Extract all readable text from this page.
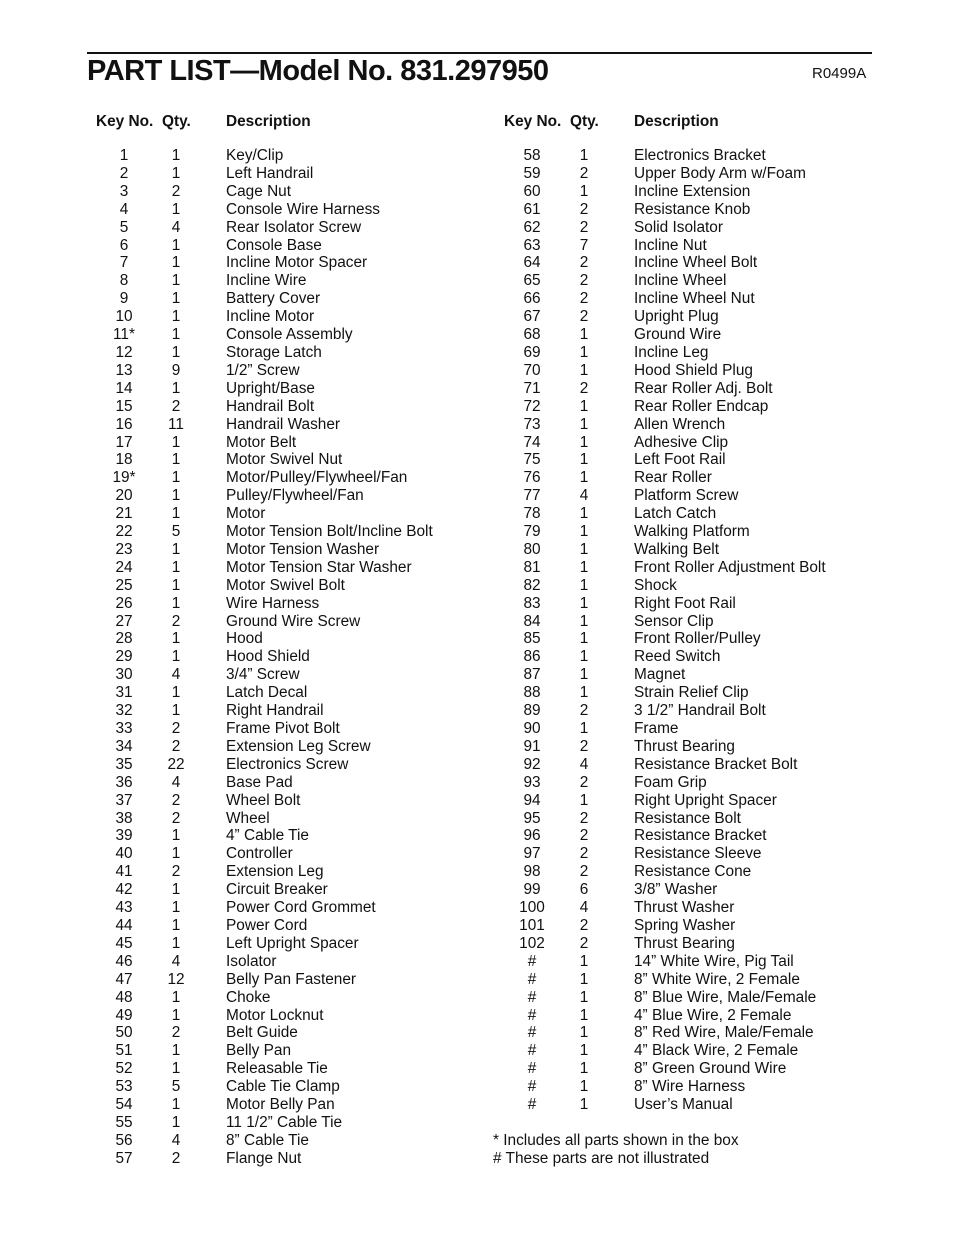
PART LIST—Model No. 831.297950	R0499A
Key No. Qty. Description	Key No. Qty. Description
1	1	Key/Clip
2	1	Left Handrail
3	2	Cage Nut
4	1	Console Wire Harness
5	4	Rear Isolator Screw
6	1	Console Base
7	1	Incline Motor Spacer
8	1	Incline Wire
9	1	Battery Cover
10	1	Incline Motor
11*	1	Console Assembly
12	1	Storage Latch
13	9	1/2” Screw
14	1	Upright/Base
15	2	Handrail Bolt
16	11	Handrail Washer
17	1	Motor Belt
18	1	Motor Swivel Nut
19*	1	Motor/Pulley/Flywheel/Fan
20	1	Pulley/Flywheel/Fan
21	1	Motor
22	5	Motor Tension Bolt/Incline Bolt
23	1	Motor Tension Washer
24	1	Motor Tension Star Washer
25	1	Motor Swivel Bolt
26	1	Wire Harness
27	2	Ground Wire Screw
28	1	Hood
29	1	Hood Shield
30	4	3/4” Screw
31	1	Latch Decal
32	1	Right Handrail
33	2	Frame Pivot Bolt
34	2	Extension Leg Screw
35	22	Electronics Screw
36	4	Base Pad
37	2	Wheel Bolt
38	2	Wheel
39	1	4” Cable Tie
40	1	Controller
41	2	Extension Leg
42	1	Circuit Breaker
43	1	Power Cord Grommet
44	1	Power Cord
45	1	Left Upright Spacer
46	4	Isolator
47	12	Belly Pan Fastener
48	1	Choke
49	1	Motor Locknut
50	2	Belt Guide
51	1	Belly Pan
52	1	Releasable Tie
53	5	Cable Tie Clamp
54	1	Motor Belly Pan
55	1	11 1/2” Cable Tie
56	4	8” Cable Tie
57	2	Flange Nut
58	1	Electronics Bracket
59	2	Upper Body Arm w/Foam
60	1	Incline Extension
61	2	Resistance Knob
62	2	Solid Isolator
63	7	Incline Nut
64	2	Incline Wheel Bolt
65	2	Incline Wheel
66	2	Incline Wheel Nut
67	2	Upright Plug
68	1	Ground Wire
69	1	Incline Leg
70	1	Hood Shield Plug
71	2	Rear Roller Adj. Bolt
72	1	Rear Roller Endcap
73	1	Allen Wrench
74	1	Adhesive Clip
75	1	Left Foot Rail
76	1	Rear Roller
77	4	Platform Screw
78	1	Latch Catch
79	1	Walking Platform
80	1	Walking Belt
81	1	Front Roller Adjustment Bolt
82	1	Shock
83	1	Right Foot Rail
84	1	Sensor Clip
85	1	Front Roller/Pulley
86	1	Reed Switch
87	1	Magnet
88	1	Strain Relief Clip
89	2	3 1/2” Handrail Bolt
90	1	Frame
91	2	Thrust Bearing
92	4	Resistance Bracket Bolt
93	2	Foam Grip
94	1	Right Upright Spacer
95	2	Resistance Bolt
96	2	Resistance Bracket
97	2	Resistance Sleeve
98	2	Resistance Cone
99	6	3/8” Washer
100	4	Thrust Washer
101	2	Spring Washer
102	2	Thrust Bearing
#	1	14” White Wire, Pig Tail
#	1	8” White Wire, 2 Female
#	1	8” Blue Wire, Male/Female
#	1	4” Blue Wire, 2 Female
#	1	8” Red Wire, Male/Female
#	1	4” Black Wire, 2 Female
#	1	8” Green Ground Wire
#	1	8” Wire Harness
#	1	User’s Manual
* Includes all parts shown in the box
# These parts are not illustrated
